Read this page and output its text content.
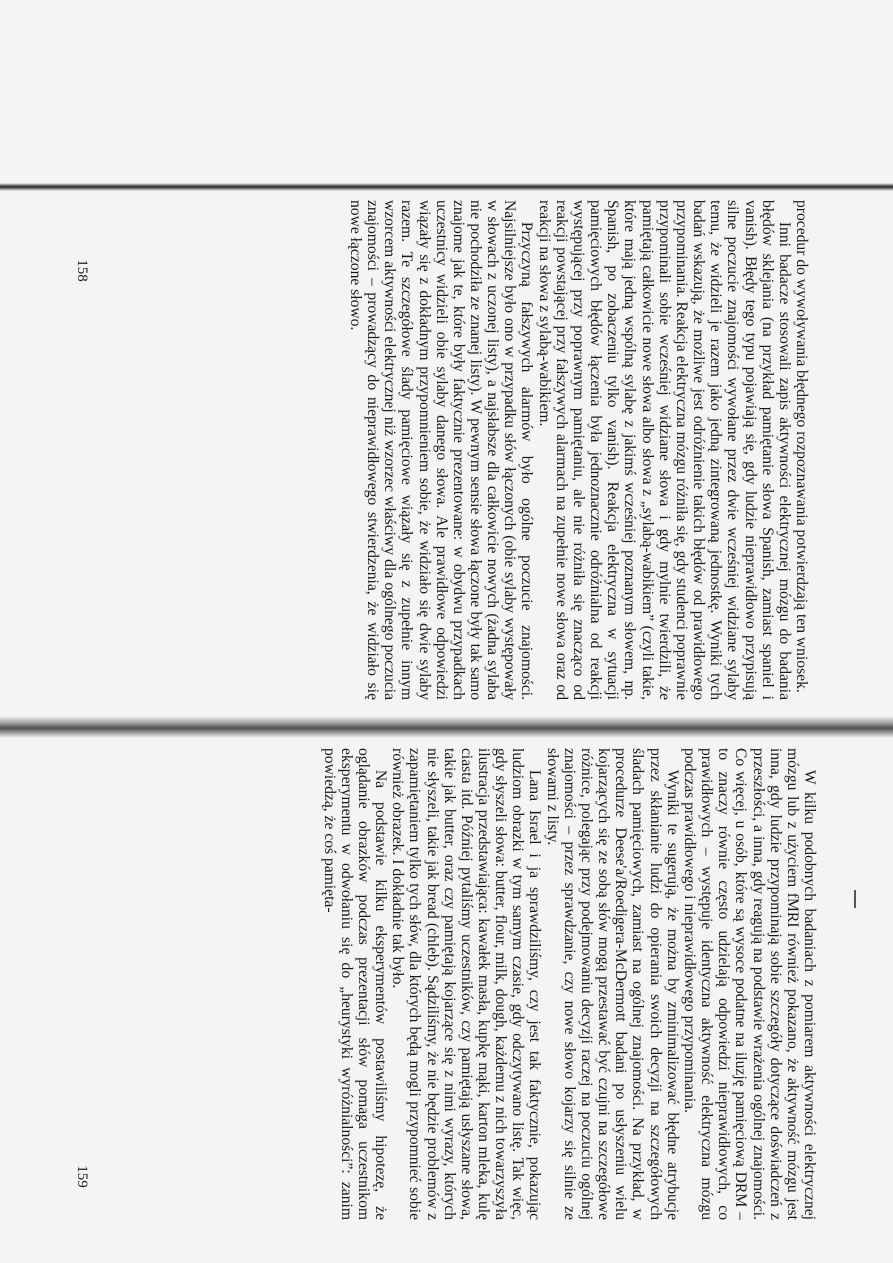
procedur do wywoływania błędnego rozpoznawania potwierdzają ten wniosek.

Inni badacze stosowali zapis aktywności elektrycznej mózgu do badania błędów sklejania (na przykład pamiętanie słowa Spanish, zamiast spaniel i vanish). Błędy tego typu pojawiają się, gdy ludzie nieprawidłowo przypisują silne poczucie znajomości wywołane przez dwie wcześniej widziane sylaby temu, że widzieli je razem jako jedną zintegrowaną jednostkę. Wyniki tych badań wskazują, że możliwe jest odróżnienie takich błędów od prawidłowego przypominania. Reakcja elektryczna mózgu różniła się, gdy studenci poprawnie przypominali sobie wcześniej widziane słowa i gdy mylnie twierdzili, że pamiętają całkowicie nowe słowa albo słowa z „sylabą-wabikiem” (czyli takie, które mają jedną wspólną sylabę z jakimś wcześniej poznanym słowem, np. Spanish, po zobaczeniu tylko vanish). Reakcja elektryczna w sytuacji pamięciowych błędów łączenia była jednoznacznie odróżnialna od reakcji występującej przy poprawnym pamiętaniu, ale nie różniła się znacząco od reakcji powstającej przy fałszywych alarmach na zupełnie nowe słowa oraz od reakcji na słowa z sylabą-wabikiem.

Przyczyną fałszywych alarmów było ogólne poczucie znajomości. Najsilniejsze było ono w przypadku słów łączonych (obie sylaby występowały w słowach z uczonej listy), a najsłabsze dla całkowicie nowych (żadna sylaba nie pochodziła ze znanej listy). W pewnym sensie słowa łączone były tak samo znajome jak te, które były faktycznie prezentowane: w obydwu przypadkach uczestnicy widzieli obie sylaby danego słowa. Ale prawidłowe odpowiedzi wiązały się z dokładnym przypomnieniem sobie, że widziało się dwie sylaby razem. Te szczegółowe ślady pamięciowe wiązały się z zupełnie innym wzorcem aktywności elektrycznej niż wzorzec właściwy dla ogólnego poczucia znajomości – prowadzący do nieprawidłowego stwierdzenia, że widziało się nowe łączone słowo.

158

W kilku podobnych badaniach z pomiarem aktywności elektrycznej mózgu lub z użyciem fMRI również pokazano, że aktywność mózgu jest inna, gdy ludzie przypominają sobie szczegóły dotyczące doświadczeń z przeszłości, a inna, gdy reagują na podstawie wrażenia ogólnej znajomości. Co więcej, u osób, które są wysoce podatne na iluzję pamięciową DRM – to znaczy równie często udzielają odpowiedzi nieprawidłowych, co prawidłowych – występuje identyczna aktywność elektryczna mózgu podczas prawidłowego i nieprawidłowego przypominania.

Wyniki te sugerują, że można by zminimalizować błędne atrybucje przez skłanianie ludzi do opierania swoich decyzji na szczegółowych śladach pamięciowych, zamiast na ogólnej znajomości. Na przykład, w procedurze Deese'a/Roedigera-McDermott badani po usłyszeniu wielu kojarzących się ze sobą słów mogą przestawać być czujni na szczegółowe różnice, polegając przy podejmowaniu decyzji raczej na poczuciu ogólnej znajomości – przez sprawdzanie, czy nowe słowo kojarzy się silnie ze słowami z listy.

Lana Israel i ja sprawdziliśmy, czy jest tak faktycznie, pokazując ludziom obrazki w tym samym czasie, gdy odczytywano listę. Tak więc, gdy słyszeli słowa: butter, flour, milk, dough, każdemu z nich towarzyszyła ilustracja przedstawiająca: kawałek masła, kupkę mąki, karton mleka, kulę ciasta itd. Później pytaliśmy uczestników, czy pamiętają usłyszane słowa, takie jak butter, oraz czy pamiętają kojarzące się z nimi wyrazy, których nie słyszeli, takie jak bread (chleb). Sądziliśmy, że nie będzie problemów z zapamiętaniem tylko tych słów, dla których będą mogli przypomnieć sobie również obrazek. I dokładnie tak było.

Na podstawie kilku eksperymentów postawiliśmy hipotezę, że oglądanie obrazków podczas prezentacji słów pomaga uczestnikom eksperymentu w odwołaniu się do „heurystyki wyróżnialności”: zanim powiedzą, że coś pamięta-

159
